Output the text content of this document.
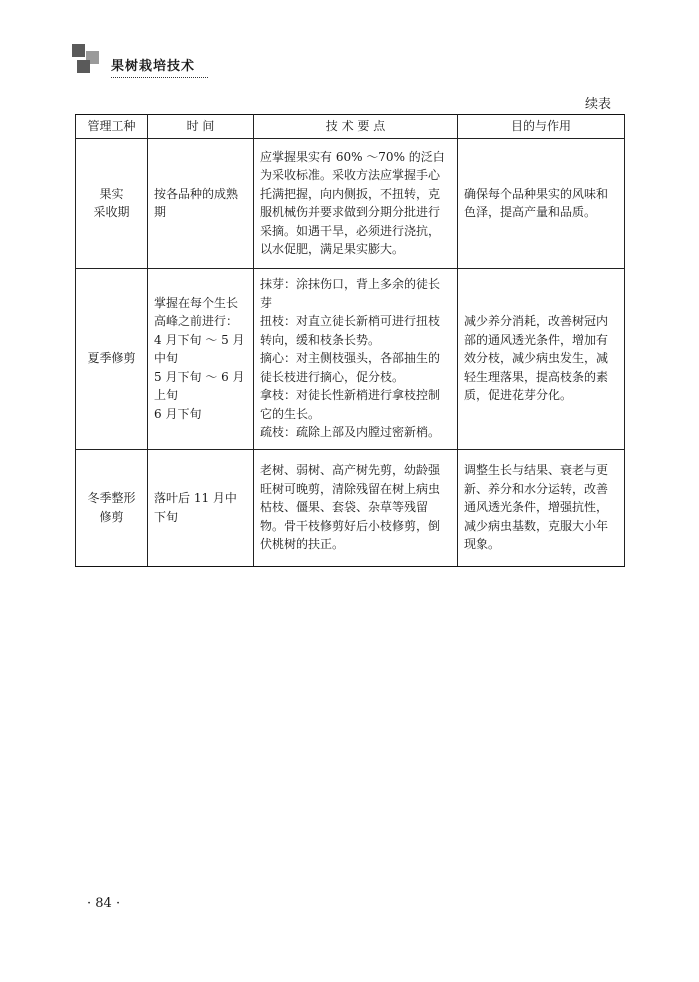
果树栽培技术
续表
管理工种	时 间	技 术 要 点	目的与作用
果实
采收期	按各品种的成熟期	应掌握果实有 60% ～70% 的泛白为采收标准。采收方法应掌握手心托满把握，向内侧扳，不扭转，克服机械伤并要求做到分期分批进行采摘。如遇干旱，必须进行浇抗，以水促肥，满足果实膨大。	确保每个品种果实的风味和色泽，提高产量和品质。
夏季修剪	掌握在每个生长高峰之前进行：
4 月下旬 ～ 5 月中旬
5 月下旬 ～ 6 月上旬
6 月下旬	抹芽：涂抹伤口，背上多余的徒长芽
扭枝：对直立徒长新梢可进行扭枝转向，缓和枝条长势。
摘心：对主侧枝强头，各部抽生的徒长枝进行摘心，促分枝。
拿枝：对徒长性新梢进行拿枝控制它的生长。
疏枝：疏除上部及内膛过密新梢。	减少养分消耗，改善树冠内部的通风透光条件，增加有效分枝，减少病虫发生，减轻生理落果，提高枝条的素质，促进花芽分化。
冬季整形
修剪	落叶后 11 月中下旬	老树、弱树、高产树先剪，幼龄强旺树可晚剪，清除残留在树上病虫枯枝、僵果、套袋、杂草等残留物。骨干枝修剪好后小枝修剪，倒伏桃树的扶正。	调整生长与结果、衰老与更新、养分和水分运转，改善通风透光条件，增强抗性，减少病虫基数，克服大小年现象。
· 84 ·
